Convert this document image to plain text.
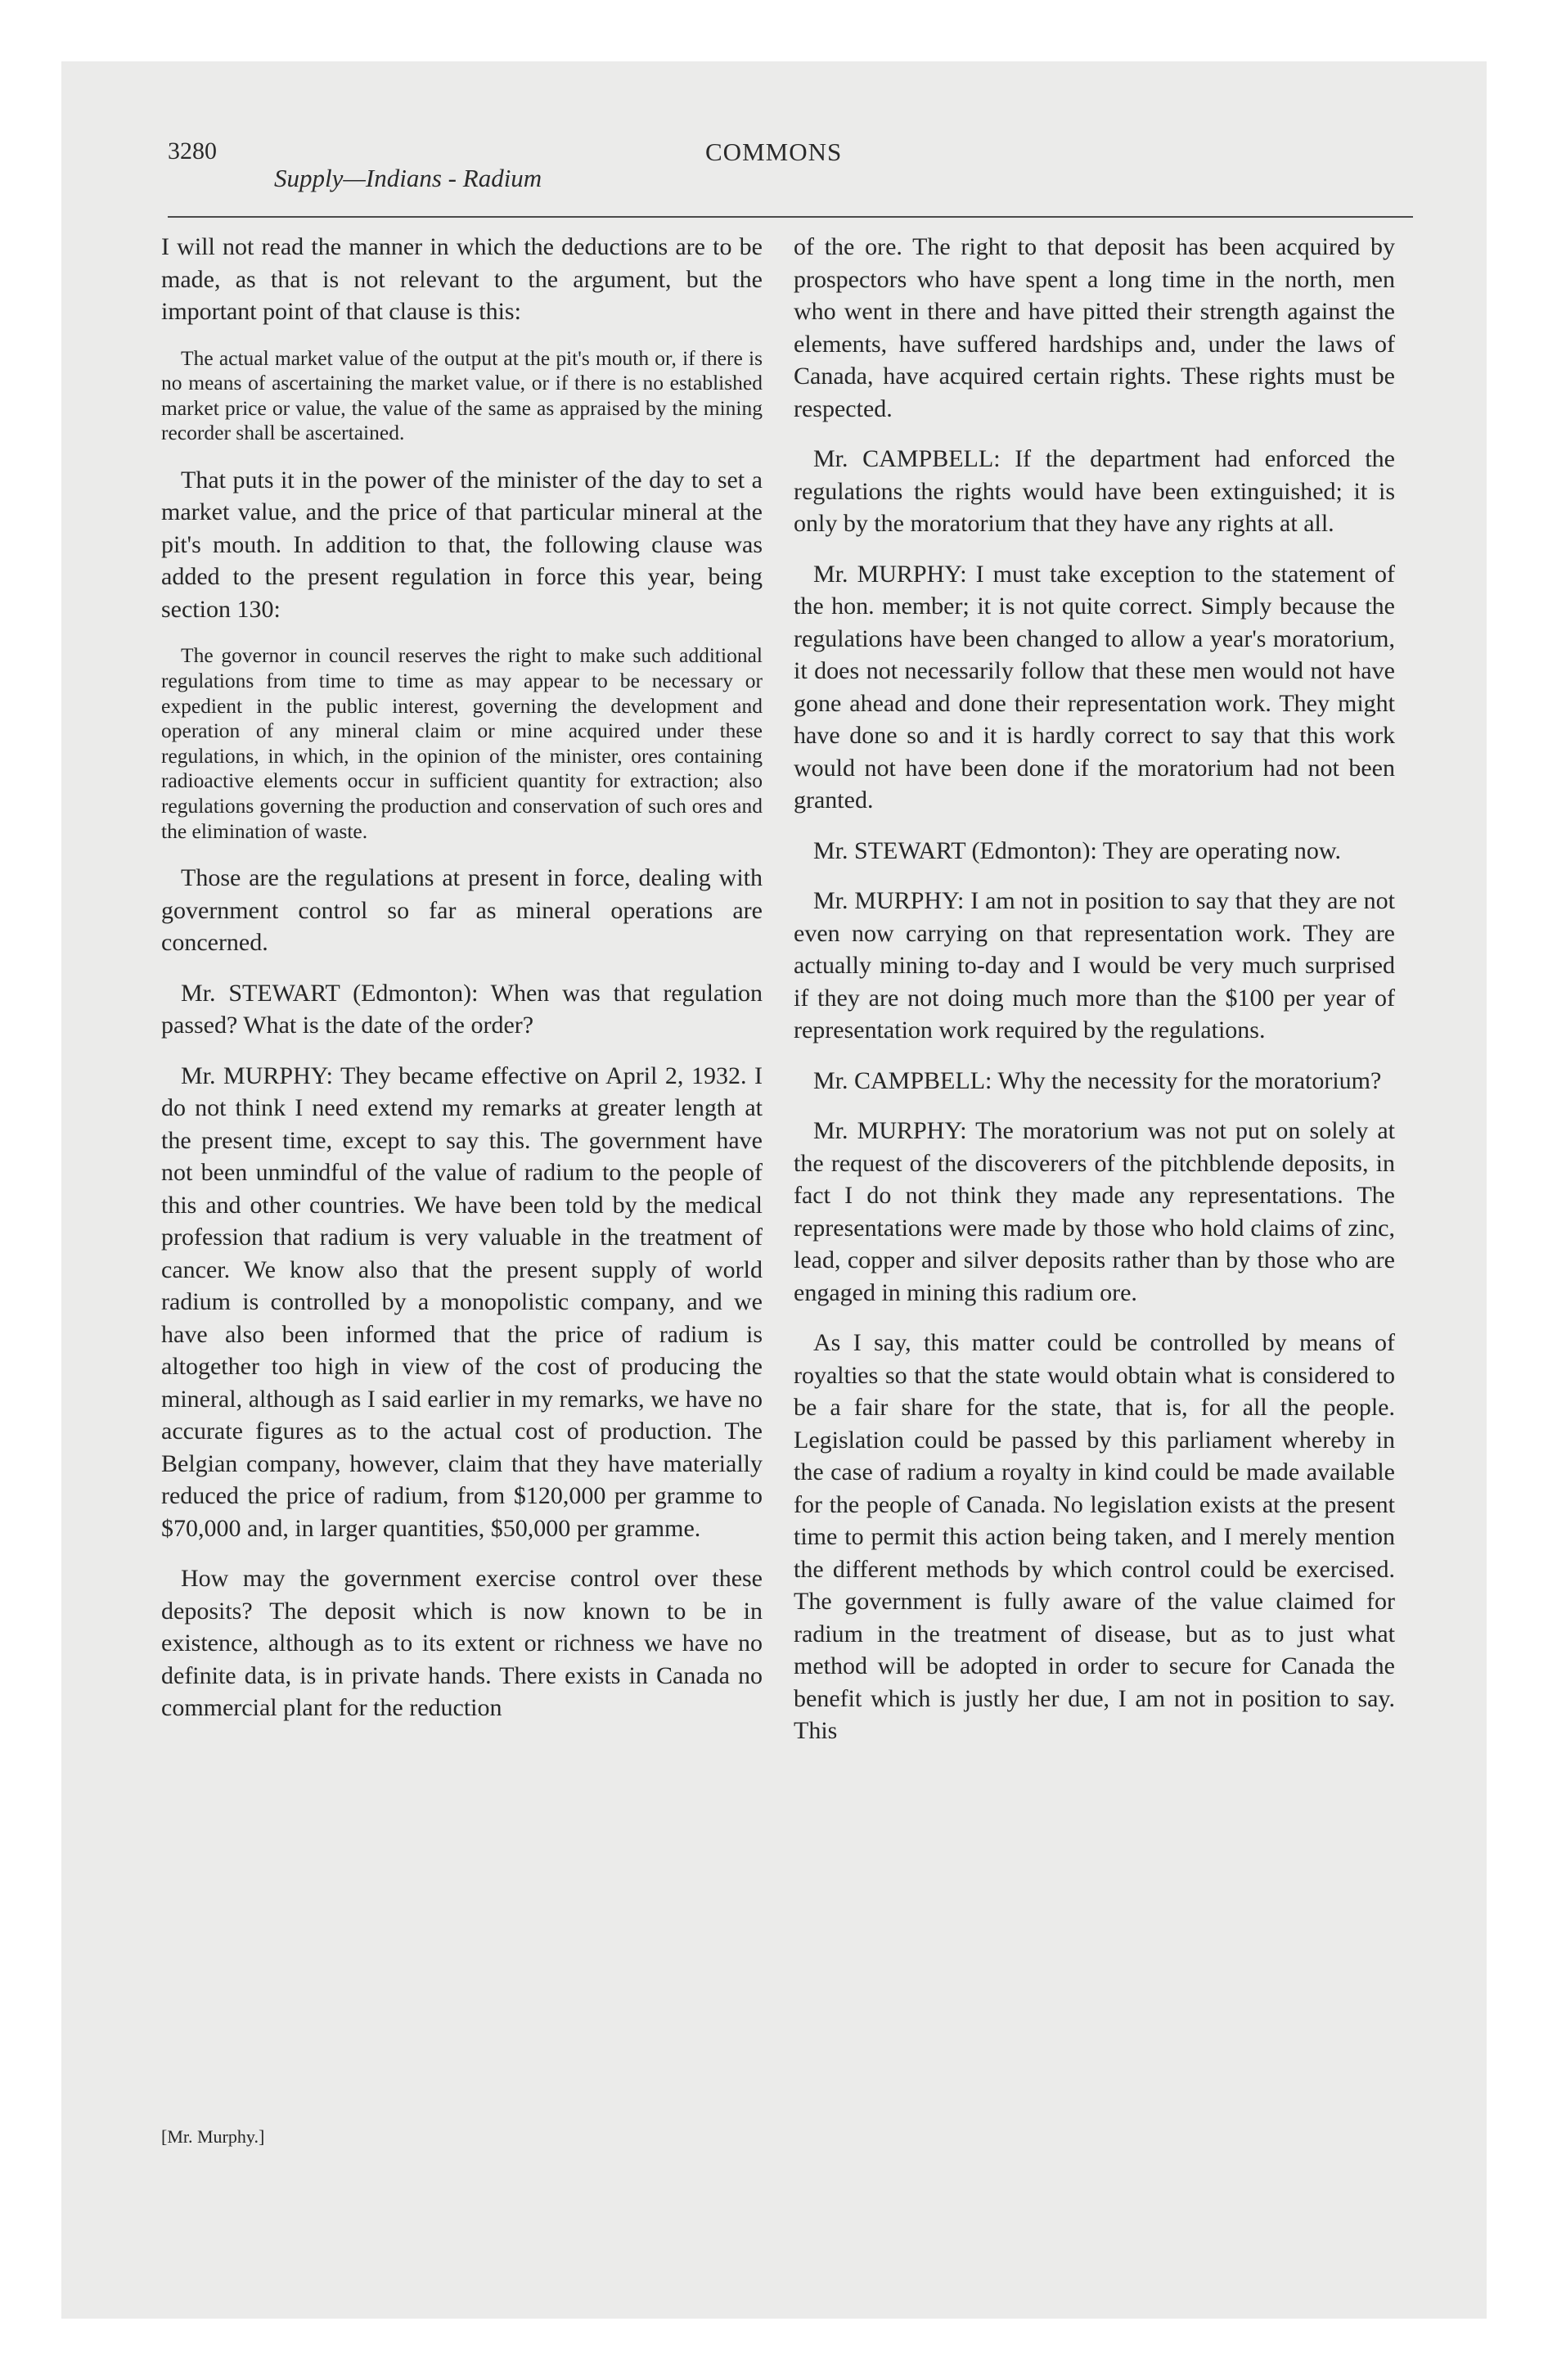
3280
Supply—Indians - Radium
COMMONS

I will not read the manner in which the deductions are to be made, as that is not relevant to the argument, but the important point of that clause is this:

The actual market value of the output at the pit's mouth or, if there is no means of ascertaining the market value, or if there is no established market price or value, the value of the same as appraised by the mining recorder shall be ascertained.

That puts it in the power of the minister of the day to set a market value, and the price of that particular mineral at the pit's mouth. In addition to that, the following clause was added to the present regulation in force this year, being section 130:

The governor in council reserves the right to make such additional regulations from time to time as may appear to be necessary or expedient in the public interest, governing the development and operation of any mineral claim or mine acquired under these regulations, in which, in the opinion of the minister, ores containing radioactive elements occur in sufficient quantity for extraction; also regulations governing the production and conservation of such ores and the elimination of waste.

Those are the regulations at present in force, dealing with government control so far as mineral operations are concerned.

Mr. STEWART (Edmonton): When was that regulation passed? What is the date of the order?

Mr. MURPHY: They became effective on April 2, 1932. I do not think I need extend my remarks at greater length at the present time, except to say this. The government have not been unmindful of the value of radium to the people of this and other countries. We have been told by the medical profession that radium is very valuable in the treatment of cancer. We know also that the present supply of world radium is controlled by a monopolistic company, and we have also been informed that the price of radium is altogether too high in view of the cost of producing the mineral, although as I said earlier in my remarks, we have no accurate figures as to the actual cost of production. The Belgian company, however, claim that they have materially reduced the price of radium, from $120,000 per gramme to $70,000 and, in larger quantities, $50,000 per gramme.

How may the government exercise control over these deposits? The deposit which is now known to be in existence, although as to its extent or richness we have no definite data, is in private hands. There exists in Canada no commercial plant for the reduction

of the ore. The right to that deposit has been acquired by prospectors who have spent a long time in the north, men who went in there and have pitted their strength against the elements, have suffered hardships and, under the laws of Canada, have acquired certain rights. These rights must be respected.

Mr. CAMPBELL: If the department had enforced the regulations the rights would have been extinguished; it is only by the moratorium that they have any rights at all.

Mr. MURPHY: I must take exception to the statement of the hon. member; it is not quite correct. Simply because the regulations have been changed to allow a year's moratorium, it does not necessarily follow that these men would not have gone ahead and done their representation work. They might have done so and it is hardly correct to say that this work would not have been done if the moratorium had not been granted.

Mr. STEWART (Edmonton): They are operating now.

Mr. MURPHY: I am not in position to say that they are not even now carrying on that representation work. They are actually mining to-day and I would be very much surprised if they are not doing much more than the $100 per year of representation work required by the regulations.

Mr. CAMPBELL: Why the necessity for the moratorium?

Mr. MURPHY: The moratorium was not put on solely at the request of the discoverers of the pitchblende deposits, in fact I do not think they made any representations. The representations were made by those who hold claims of zinc, lead, copper and silver deposits rather than by those who are engaged in mining this radium ore.

As I say, this matter could be controlled by means of royalties so that the state would obtain what is considered to be a fair share for the state, that is, for all the people. Legislation could be passed by this parliament whereby in the case of radium a royalty in kind could be made available for the people of Canada. No legislation exists at the present time to permit this action being taken, and I merely mention the different methods by which control could be exercised. The government is fully aware of the value claimed for radium in the treatment of disease, but as to just what method will be adopted in order to secure for Canada the benefit which is justly her due, I am not in position to say. This

[Mr. Murphy.]
